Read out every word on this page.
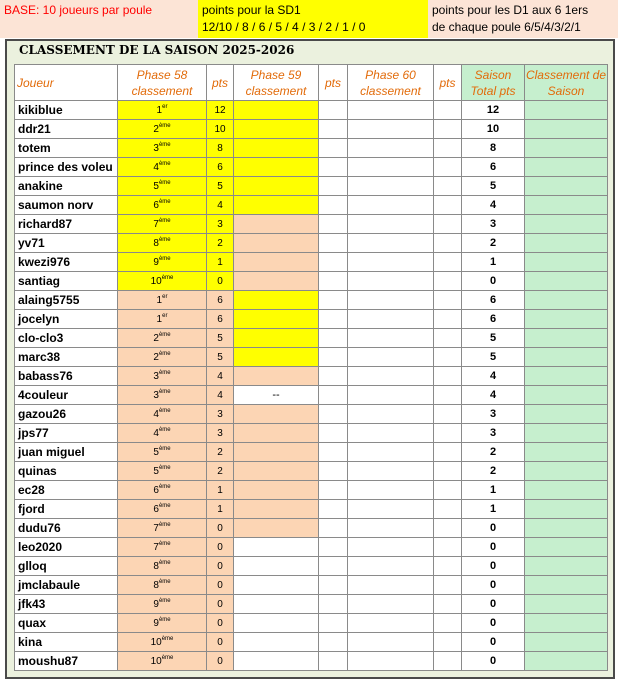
BASE: 10 joueurs par poule	points pour la SD1
12/10 / 8 / 6 / 5 / 4 / 3 / 2 / 1 / 0
points pour les D1 aux 6 1ers
de chaque poule 6/5/4/3/2/1
CLASSEMENT DE LA SAISON 2025-2026
Joueur	Phase 58 classement	pts	Phase 59 classement	pts	Phase 60 classement	pts	Saison Total pts	Classement de Saison
kikiblue	1er	12					12	
ddr21	2ème	10					10	
totem	3ème	8					8	
prince des voleu	4ème	6					6	
anakine	5ème	5					5	
saumon norv	6ème	4					4	
richard87	7ème	3					3	
yv71	8ème	2					2	
kwezi976	9ème	1					1	
santiag	10ème	0					0	
alaing5755	1er	6					6	
jocelyn	1er	6					6	
clo-clo3	2ème	5					5	
marc38	2ème	5					5	
babass76	3ème	4					4	
4couleur	3ème	4	--				4	
gazou26	4ème	3					3	
jps77	4ème	3					3	
juan miguel	5ème	2					2	
quinas	5ème	2					2	
ec28	6ème	1					1	
fjord	6ème	1					1	
dudu76	7ème	0					0	
leo2020	7ème	0					0	
glloq	8ème	0					0	
jmclabaule	8ème	0					0	
jfk43	9ème	0					0	
quax	9ème	0					0	
kina	10ème	0					0	
moushu87	10ème	0					0	
